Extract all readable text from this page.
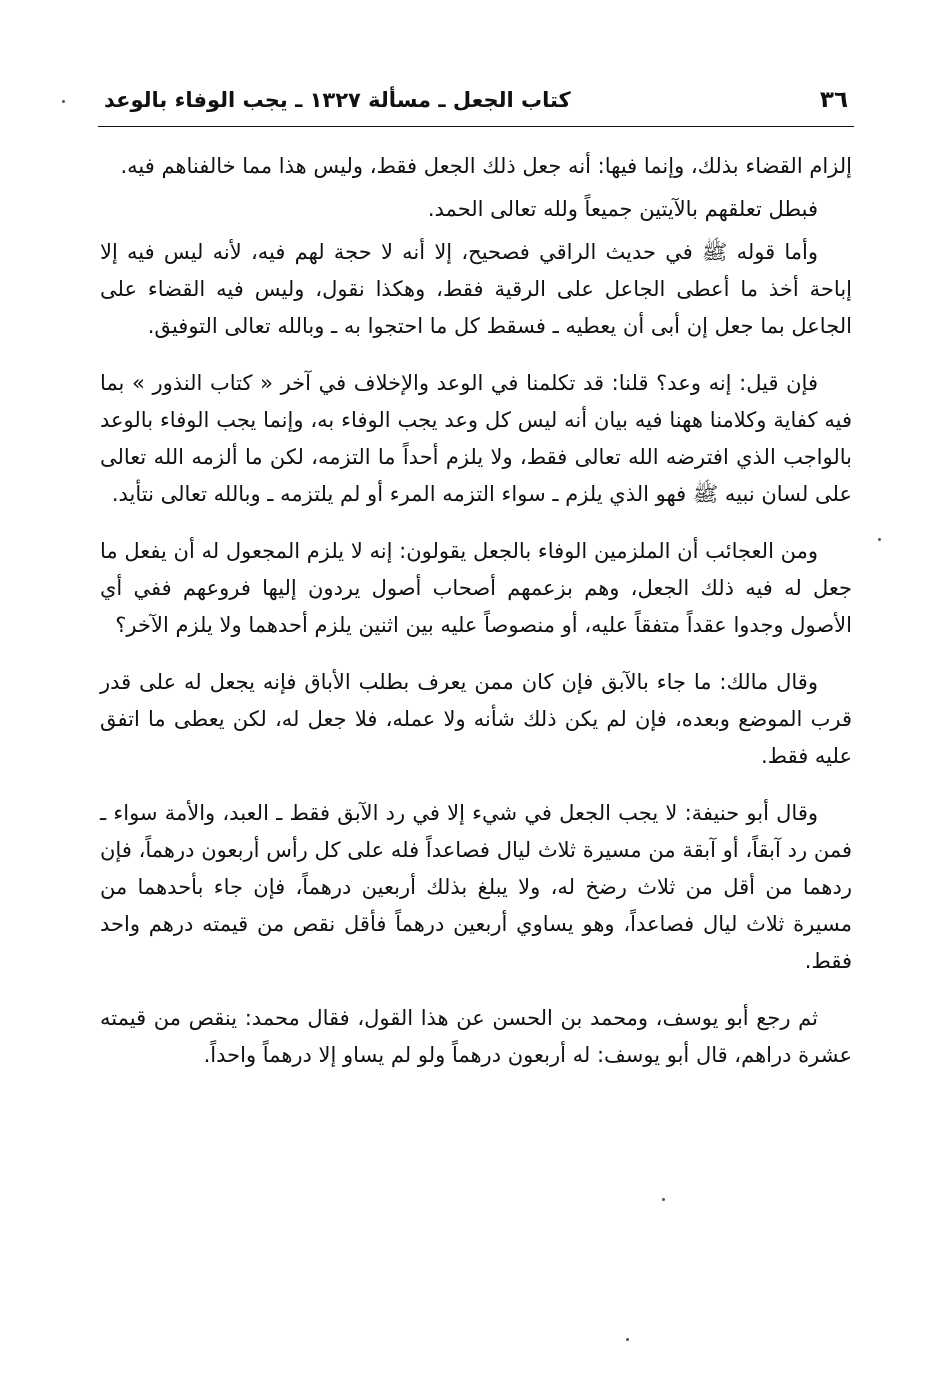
٣٦
كتاب الجعل ـ مسألة ١٣٢٧ ـ يجب الوفاء بالوعد

إلزام القضاء بذلك، وإنما فيها: أنه جعل ذلك الجعل فقط، وليس هذا مما خالفناهم فيه.

فبطل تعلقهم بالآيتين جميعاً ولله تعالى الحمد.

وأما قوله ﷺ في حديث الراقي فصحيح، إلا أنه لا حجة لهم فيه، لأنه ليس فيه إلا إباحة أخذ ما أعطى الجاعل على الرقية فقط، وهكذا نقول، وليس فيه القضاء على الجاعل بما جعل إن أبى أن يعطيه ـ فسقط كل ما احتجوا به ـ وبالله تعالى التوفيق.

فإن قيل: إنه وعد؟ قلنا: قد تكلمنا في الوعد والإخلاف في آخر « كتاب النذور » بما فيه كفاية وكلامنا ههنا فيه بيان أنه ليس كل وعد يجب الوفاء به، وإنما يجب الوفاء بالوعد بالواجب الذي افترضه الله تعالى فقط، ولا يلزم أحداً ما التزمه، لكن ما ألزمه الله تعالى على لسان نبيه ﷺ فهو الذي يلزم ـ سواء التزمه المرء أو لم يلتزمه ـ وبالله تعالى نتأيد.

ومن العجائب أن الملزمين الوفاء بالجعل يقولون: إنه لا يلزم المجعول له أن يفعل ما جعل له فيه ذلك الجعل، وهم بزعمهم أصحاب أصول يردون إليها فروعهم ففي أي الأصول وجدوا عقداً متفقاً عليه، أو منصوصاً عليه بين اثنين يلزم أحدهما ولا يلزم الآخر؟

وقال مالك: ما جاء بالآبق فإن كان ممن يعرف بطلب الأباق فإنه يجعل له على قدر قرب الموضع وبعده، فإن لم يكن ذلك شأنه ولا عمله، فلا جعل له، لكن يعطى ما اتفق عليه فقط.

وقال أبو حنيفة: لا يجب الجعل في شيء إلا في رد الآبق فقط ـ العبد، والأمة سواء ـ فمن رد آبقاً، أو آبقة من مسيرة ثلاث ليال فصاعداً فله على كل رأس أربعون درهماً، فإن ردهما من أقل من ثلاث رضخ له، ولا يبلغ بذلك أربعين درهماً، فإن جاء بأحدهما من مسيرة ثلاث ليال فصاعداً، وهو يساوي أربعين درهماً فأقل نقص من قيمته درهم واحد فقط.

ثم رجع أبو يوسف، ومحمد بن الحسن عن هذا القول، فقال محمد: ينقص من قيمته عشرة دراهم، قال أبو يوسف: له أربعون درهماً ولو لم يساو إلا درهماً واحداً.
